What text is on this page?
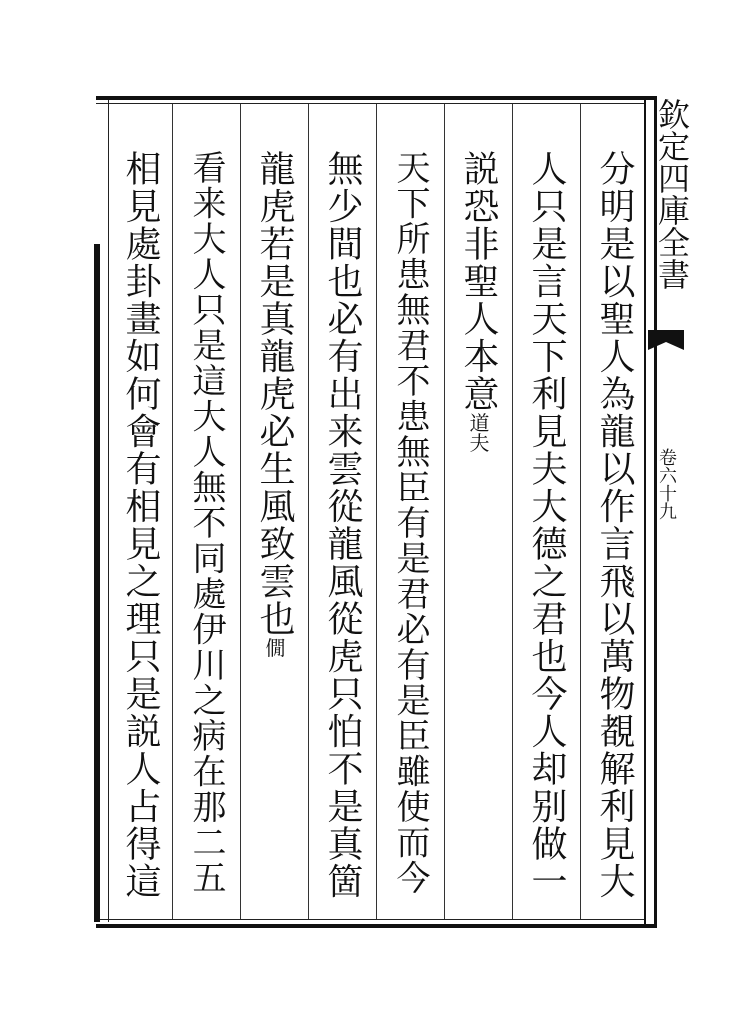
欽定四庫全書
卷六十九
分明是以聖人為龍以作言飛以萬物覩解利見大
人只是言天下利見夫大德之君也今人却别做一
説恐非聖人本意道夫
天下所患無君不患無臣有是君必有是臣雖使而今
無少間也必有出来雲從龍風從虎只怕不是真箇
龍虎若是真龍虎必生風致雲也僩
看来大人只是這大人無不同處伊川之病在那二五
相見處卦畫如何會有相見之理只是説人占得這
